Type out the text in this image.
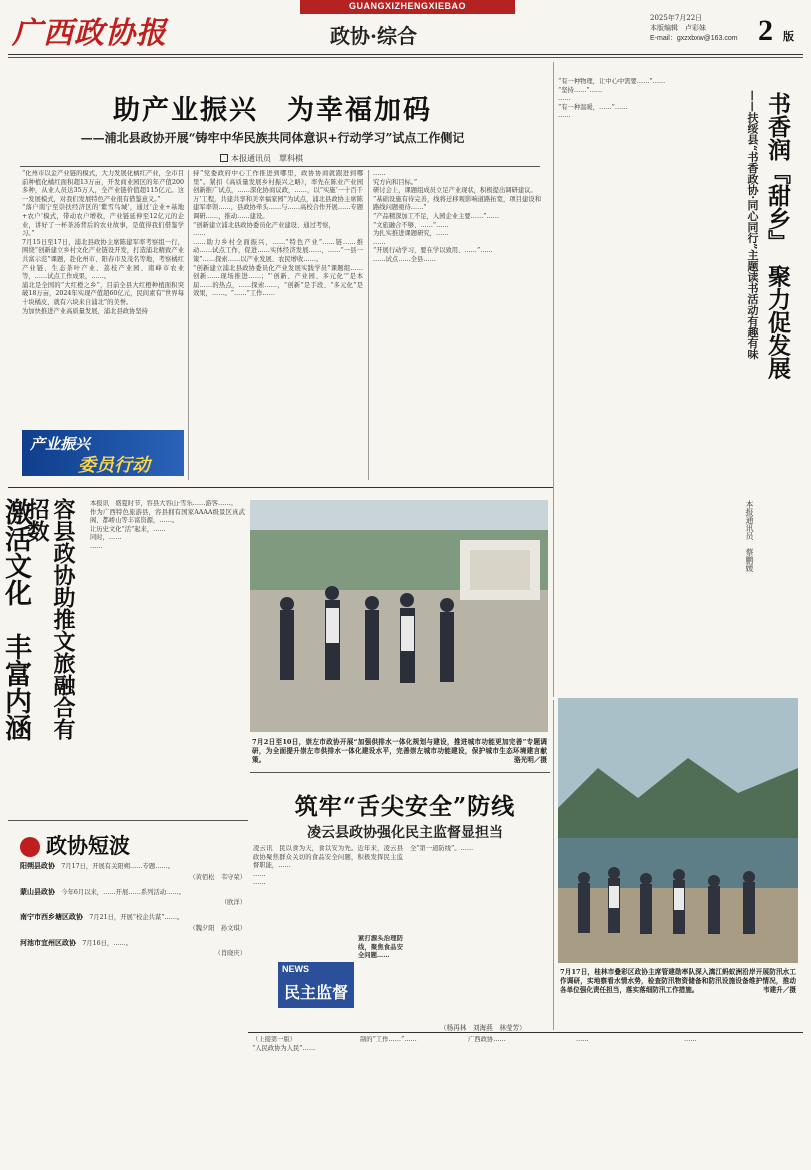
广西政协报
GUANGXIZHENGXIEBAO
政协·综合
2025年7月22日
本版编辑　卢彩妹
E-mail：gxzxbxw@163.com 2 版
助产业振兴　为幸福加码
——浦北县政协开展“铸牢中华民族共同体意识+行动学习”试点工作侧记
本报通讯员　覃科棋
“化州市以金产业链的模式，大力发展化橘红产业，全市目前种植化橘红面积超13万亩，开发商业园区的年产值200多种，从业人员达35万人，全产业链价值超115亿元。这一发展模式，对我们发展特色产业很有借鉴意义。”
“落户南宁至崇扶经济区的‘紫雪鸟城’，通过‘企业+基地+农户’模式，带动农户增收，产业链延伸至12亿元的企业，讲好了一杯茶汤背后的农业故事，是值得我们借鉴学习。”
7月15日至17日，浦北县政协主席陈建军率考察组一行，围绕“创新建立乡村文化产业链设开发，打造浦北精致产业共富示范”课题，赴化州市、阳春市及茂名等地，考察橘红产业链、生态茶叶产业、荔枝产业园、南峰市农业等，……试点工作成果，……。
浦北是全国的“大红橙之乡”，目前全县大红橙种植面积突破18万亩，2024年实现产值超60亿元，民间素有“世界每十块橘皮，就有六块来自浦北”的美誉。
为加快推进产业高质量发展，浦北县政协坚持
持“党委政府中心工作推进到哪里，政协协商就跟进到哪里”。紧扣《高质量发展乡村振兴之略》，率先在陈业产业园创新推广试点，……深化协商议政，……，以“实施‘一十百千万’工程，共建共享和美幸福家园”为试点，浦北县政协主席陈建军率领……，县政协牵头……与……高校合作开展……专题调研……，推动……建设。
“创新建立浦北县政协委员化产业建设、通过考察，
……
……助力乡村全面振兴，……“特色产业”……链……推动……试点工作，促进……实体经济发展……，……“一县一策”……探索……以产业发展、农民增收……。
“创新建立浦北县政协委员化产业发展实践学员”课题组……创新……现场推进……；“‘创新、产业园、多元化’”是本届……的热点，……探索……，“创新”是手段、“多元化”是效果，……。“……”工作……
……
究方向和目标。”
研讨会上，课题组成员立足产业现状，积极提出调研建议。
“基础设施有待完善，线将迁移观影响道路拓宽，项目建设和路线问题亟待……”
“产品精深加工不足，入园企业主要……”……
“文旅融合不够、……”……
为扎实推进课题研究，……
……
“开展行动学习，要在学以致用、……”……
……试点……全县……
产业振兴
委员行动
“有一种物理，让中心中需要……”……
“坚持……”……
……
“有一种温暖，……”……
……	书香润『甜乡』　聚力促发展
——扶绥县“书香政协·同心同行”主题读书活动有趣有味
本报通讯员　蔡鹏媛
容县政协助推文旅融合有招数
激活文化　丰富内涵	本报讯　盛夏时节，容县大容山·雪乐……游客……。
作为广西特色旅游县，容县拥有国家AAAA级景区真武阁、都峤山等丰富资源，……。
让历史文化“活”起来，……
同时，……
……
7月2日至10日，崇左市政协开展“加强供排水一体化规划与建设，推进城市功能更加完善”专题调研，为全面提升崇左市供排水一体化建设水平，完善崇左城市功能建设，保护城市生态环境建言献策。	骆光明／摄
筑牢“舌尖安全”防线
凌云县政协强化民主监督显担当
凌云讯　民以食为天，食以安为先。近年来，凌云县政协聚焦群众关切的食品安全问题，积极发挥民主监督职能，……
……
……
全“第一道防线”。……
（杨再林　刘海燕　林莹芳）
NEWS
民主监督
紧打源头治理防线，聚焦食品安全问题……
政协短波
阳朔县政协　 7月17日，开展有关阳朔……专题……。
（黄佰松　韦守荣）
蒙山县政协　 今年6月以来，……开展……系列活动……。
（欧洋）
南宁市西乡塘区政协　 7月21日，开展“校企共谋”……。
（魏夕阳　孙文琪）
河池市宜州区政协　 7月16日，……。
（肖晓庆）
7月17日，桂林市叠彩区政协主席管建勋率队深入漓江蚂蚁洲沿岸开展防汛水工作调研，实地察看水情水势，检查防汛物资储备和防汛设施设备维护情况，推动各单位强化责任担当，落实落细防汛工作措施。	韦建升／摄
（上接第一版）
“人民政协为人民”……
制的“工作……”……	广西政协……	……	……
